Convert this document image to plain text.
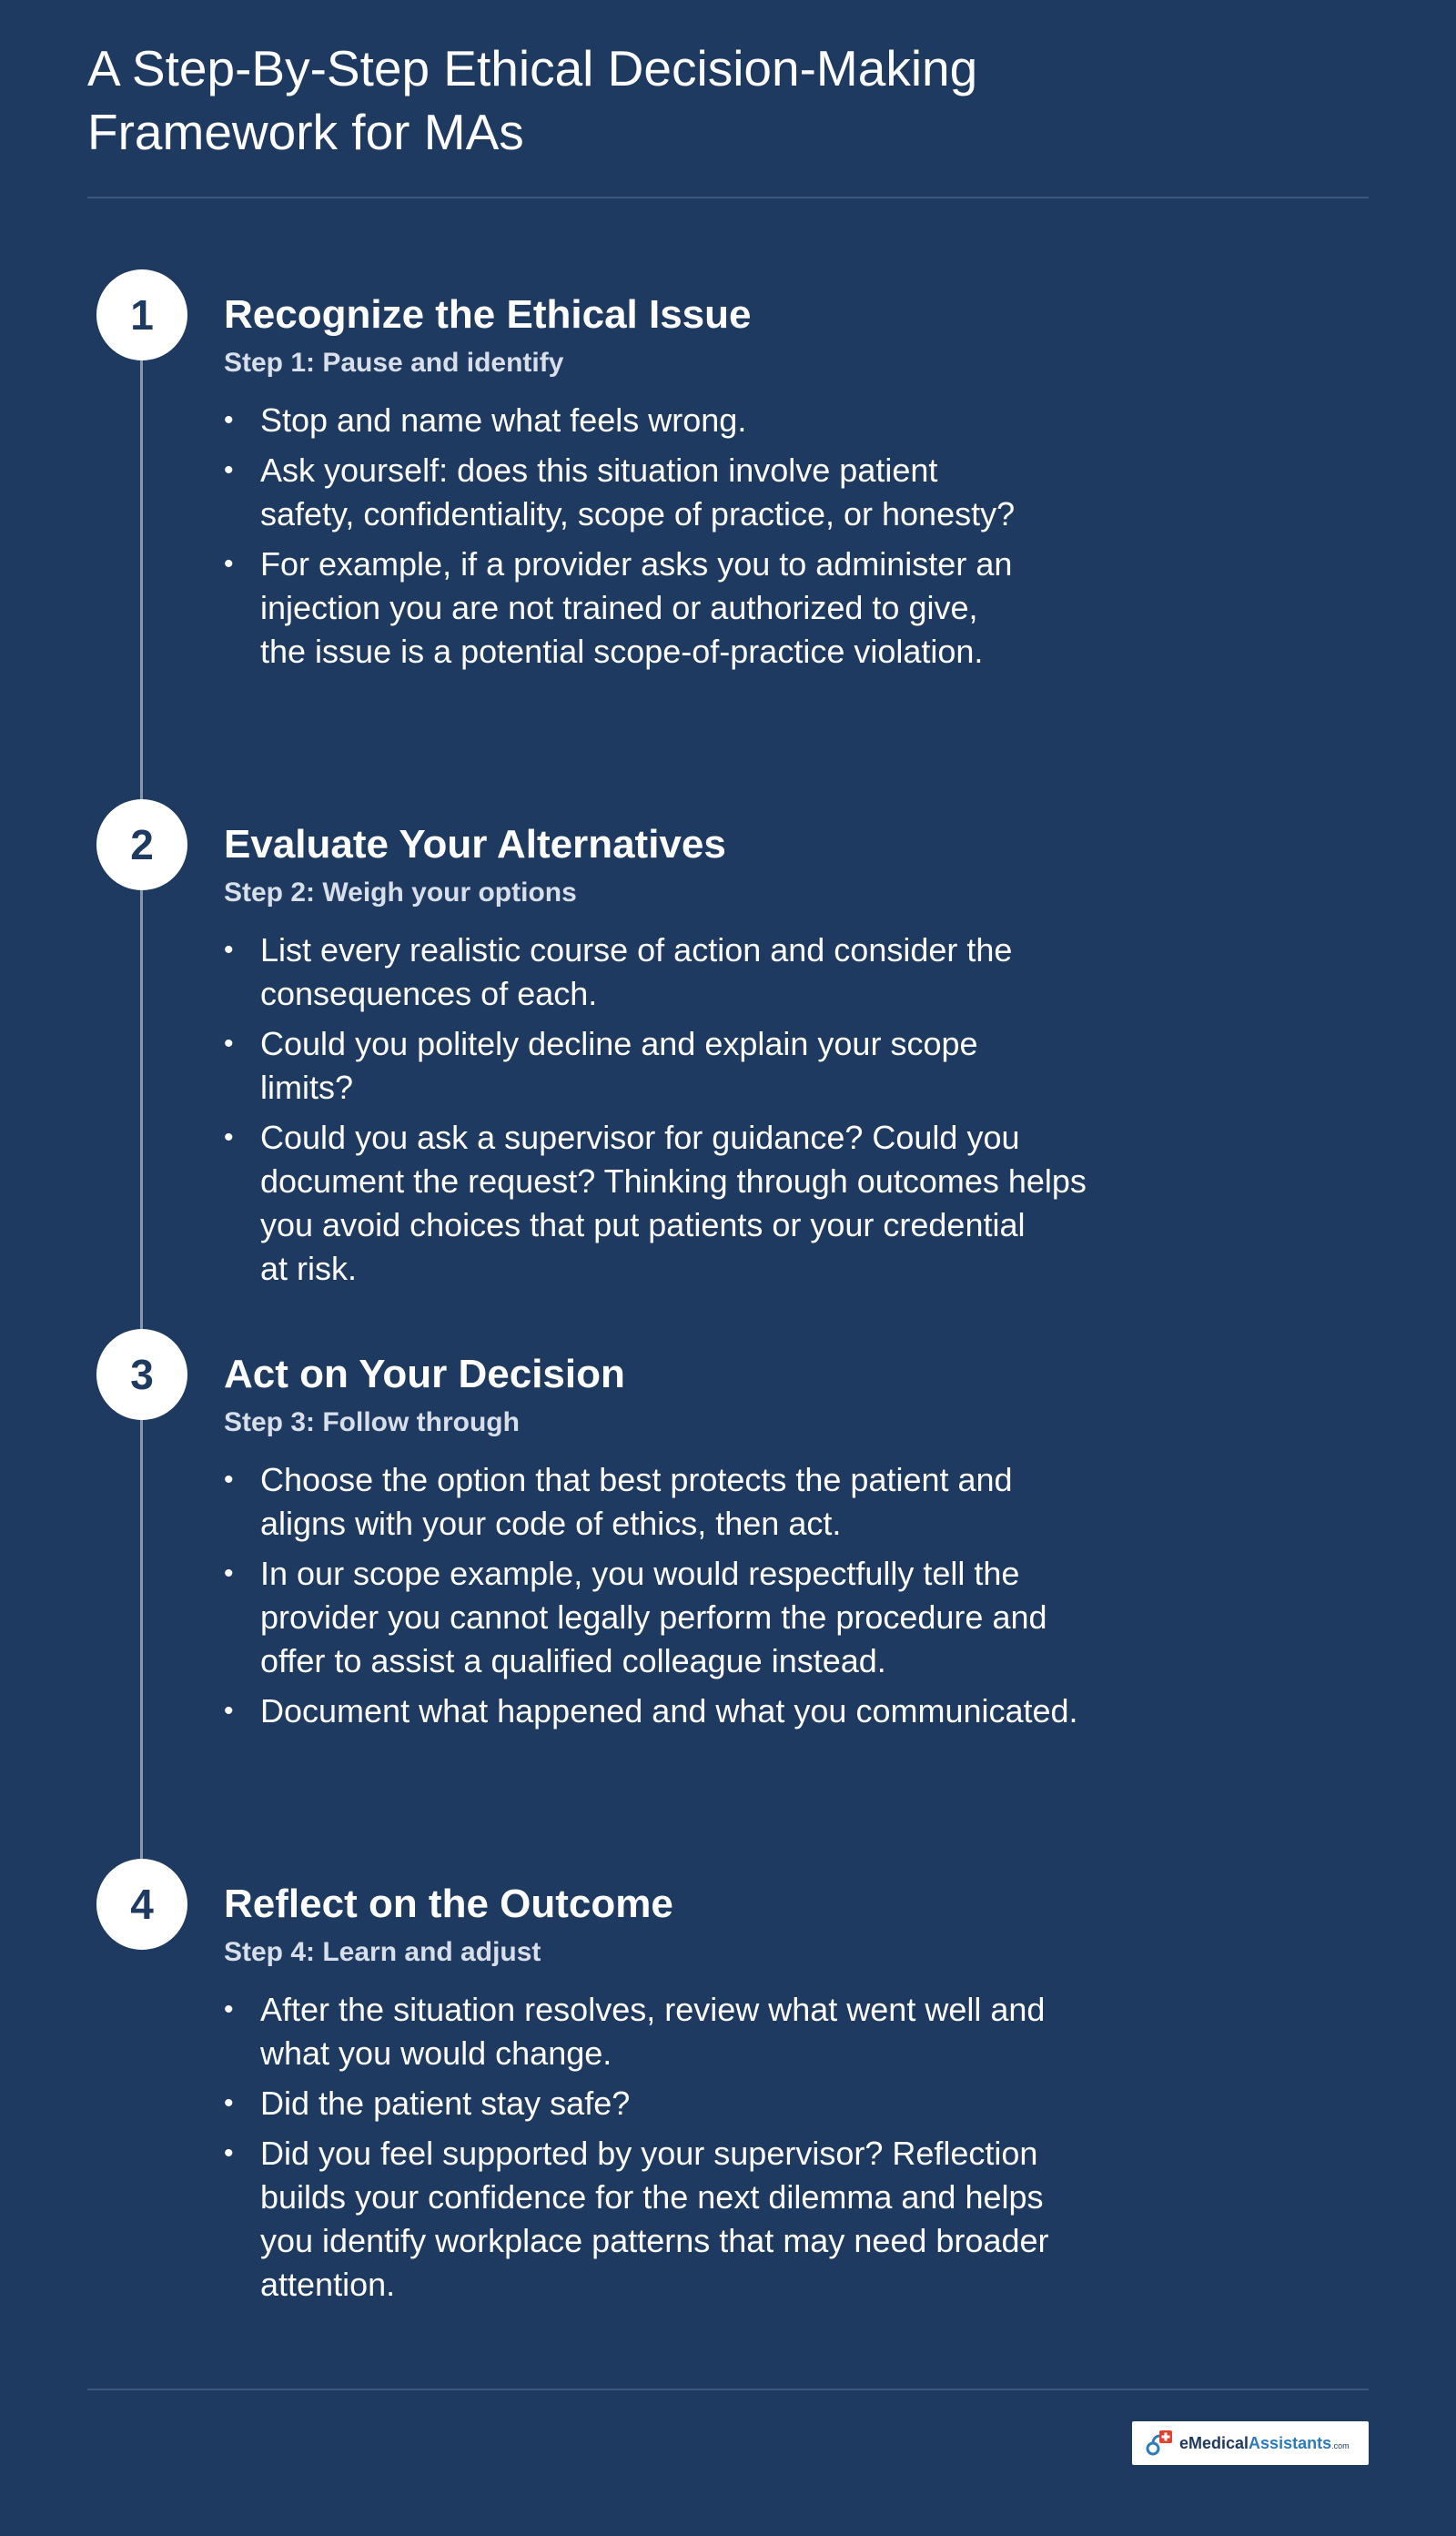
A Step-By-Step Ethical Decision-Making
Framework for MAs
1	Recognize the Ethical Issue
Step 1: Pause and identify
• Stop and name what feels wrong.
• Ask yourself: does this situation involve patient
safety, confidentiality, scope of practice, or honesty?
• For example, if a provider asks you to administer an
injection you are not trained or authorized to give,
the issue is a potential scope-of-practice violation.
2	Evaluate Your Alternatives
Step 2: Weigh your options
• List every realistic course of action and consider the
consequences of each.
• Could you politely decline and explain your scope
limits?
• Could you ask a supervisor for guidance? Could you
document the request? Thinking through outcomes helps
you avoid choices that put patients or your credential
at risk.
3	Act on Your Decision
Step 3: Follow through
• Choose the option that best protects the patient and
aligns with your code of ethics, then act.
• In our scope example, you would respectfully tell the
provider you cannot legally perform the procedure and
offer to assist a qualified colleague instead.
• Document what happened and what you communicated.
4	Reflect on the Outcome
Step 4: Learn and adjust
• After the situation resolves, review what went well and
what you would change.
• Did the patient stay safe?
• Did you feel supported by your supervisor? Reflection
builds your confidence for the next dilemma and helps
you identify workplace patterns that may need broader
attention.
eMedicalAssistants.com
